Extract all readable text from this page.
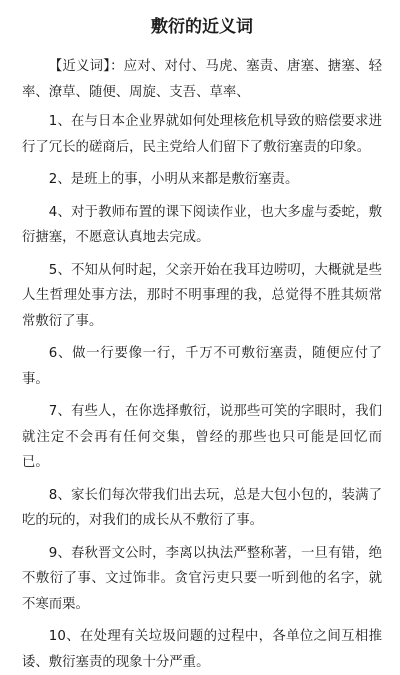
敷衍的近义词

【近义词】：应对、对付、马虎、塞责、唐塞、搪塞、轻率、潦草、随便、周旋、支吾、草率、

1、在与日本企业界就如何处理核危机导致的赔偿要求进行了冗长的磋商后，民主党给人们留下了敷衍塞责的印象。

2、是班上的事，小明从来都是敷衍塞责。

4、对于教师布置的课下阅读作业，也大多虚与委蛇，敷衍搪塞，不愿意认真地去完成。

5、不知从何时起，父亲开始在我耳边唠叨，大概就是些人生哲理处事方法，那时不明事理的我，总觉得不胜其烦常常敷衍了事。

6、做一行要像一行，千万不可敷衍塞责，随便应付了事。

7、有些人，在你选择敷衍，说那些可笑的字眼时，我们就注定不会再有任何交集，曾经的那些也只可能是回忆而已。

8、家长们每次带我们出去玩，总是大包小包的，装满了吃的玩的，对我们的成长从不敷衍了事。

9、春秋晋文公时，李离以执法严整称著，一旦有错，绝不敷衍了事、文过饰非。贪官污吏只要一听到他的名字，就不寒而栗。

10、在处理有关垃圾问题的过程中，各单位之间互相推诿、敷衍塞责的现象十分严重。
